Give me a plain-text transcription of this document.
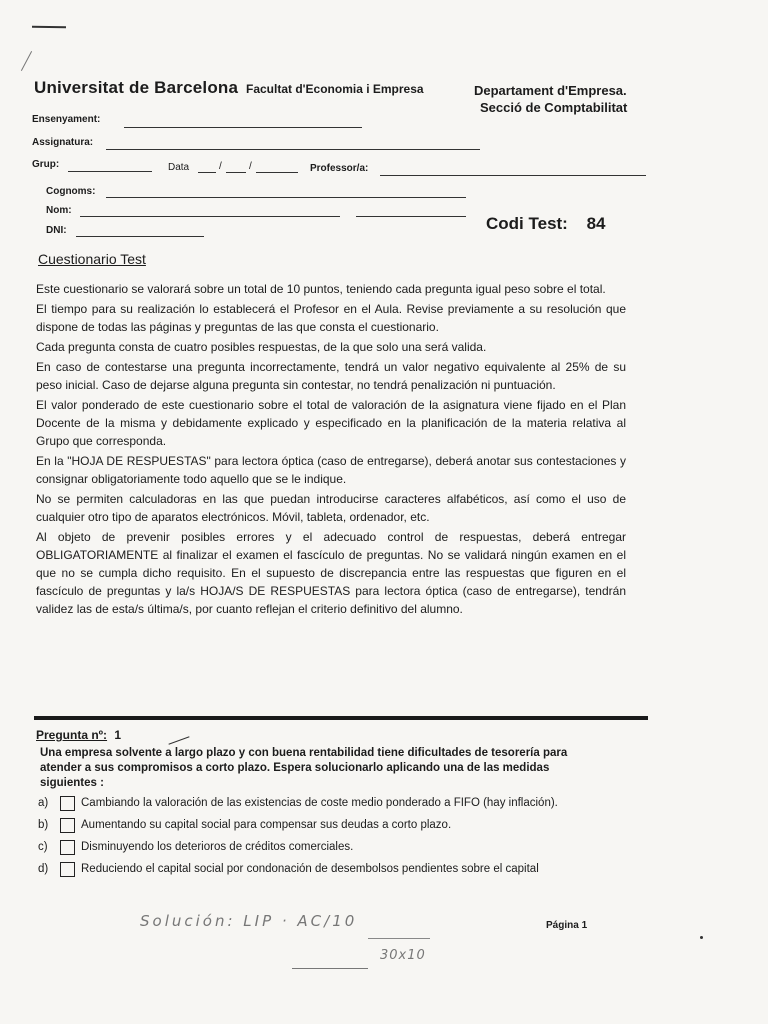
Universitat de Barcelona Facultat d'Economia i Empresa	Departament d'Empresa.
Secció de Comptabilitat
Ensenyament:
Assignatura:
Grup:	Data	/	/	Professor/a:
Cognoms:
Nom:
DNI:	Codi Test: 84
Cuestionario Test

Este cuestionario se valorará sobre un total de 10 puntos, teniendo cada pregunta igual peso sobre el total.

El tiempo para su realización lo establecerá el Profesor en el Aula. Revise previamente a su resolución que dispone de todas las páginas y preguntas de las que consta el cuestionario.

Cada pregunta consta de cuatro posibles respuestas, de la que solo una será valida.

En caso de contestarse una pregunta incorrectamente, tendrá un valor negativo equivalente al 25% de su peso inicial. Caso de dejarse alguna pregunta sin contestar, no tendrá penalización ni puntuación.

El valor ponderado de este cuestionario sobre el total de valoración de la asignatura viene fijado en el Plan Docente de la misma y debidamente explicado y especificado en la planificación de la materia relativa al Grupo que corresponda.

En la "HOJA DE RESPUESTAS" para lectora óptica (caso de entregarse), deberá anotar sus contestaciones y consignar obligatoriamente todo aquello que se le indique.

No se permiten calculadoras en las que puedan introducirse caracteres alfabéticos, así como el uso de cualquier otro tipo de aparatos electrónicos. Móvil, tableta, ordenador, etc.

Al objeto de prevenir posibles errores y el adecuado control de respuestas, deberá entregar OBLIGATORIAMENTE al finalizar el examen el fascículo de preguntas. No se validará ningún examen en el que no se cumpla dicho requisito. En el supuesto de discrepancia entre las respuestas que figuren en el fascículo de preguntas y la/s HOJA/S DE RESPUESTAS para lectora óptica (caso de entregarse), tendrán validez las de esta/s última/s, por cuanto reflejan el criterio definitivo del alumno.

Pregunta nº: 1
Una empresa solvente a largo plazo y con buena rentabilidad tiene dificultades de tesorería para atender a sus compromisos a corto plazo. Espera solucionarlo aplicando una de las medidas siguientes :
a)	Cambiando la valoración de las existencias de coste medio ponderado a FIFO (hay inflación).
b)	Aumentando su capital social para compensar sus deudas a corto plazo.
c)	Disminuyendo los deterioros de créditos comerciales.
d)	Reduciendo el capital social por condonación de desembolsos pendientes sobre el capital
Solución: LIP · AC/10
30x10
Página 1
